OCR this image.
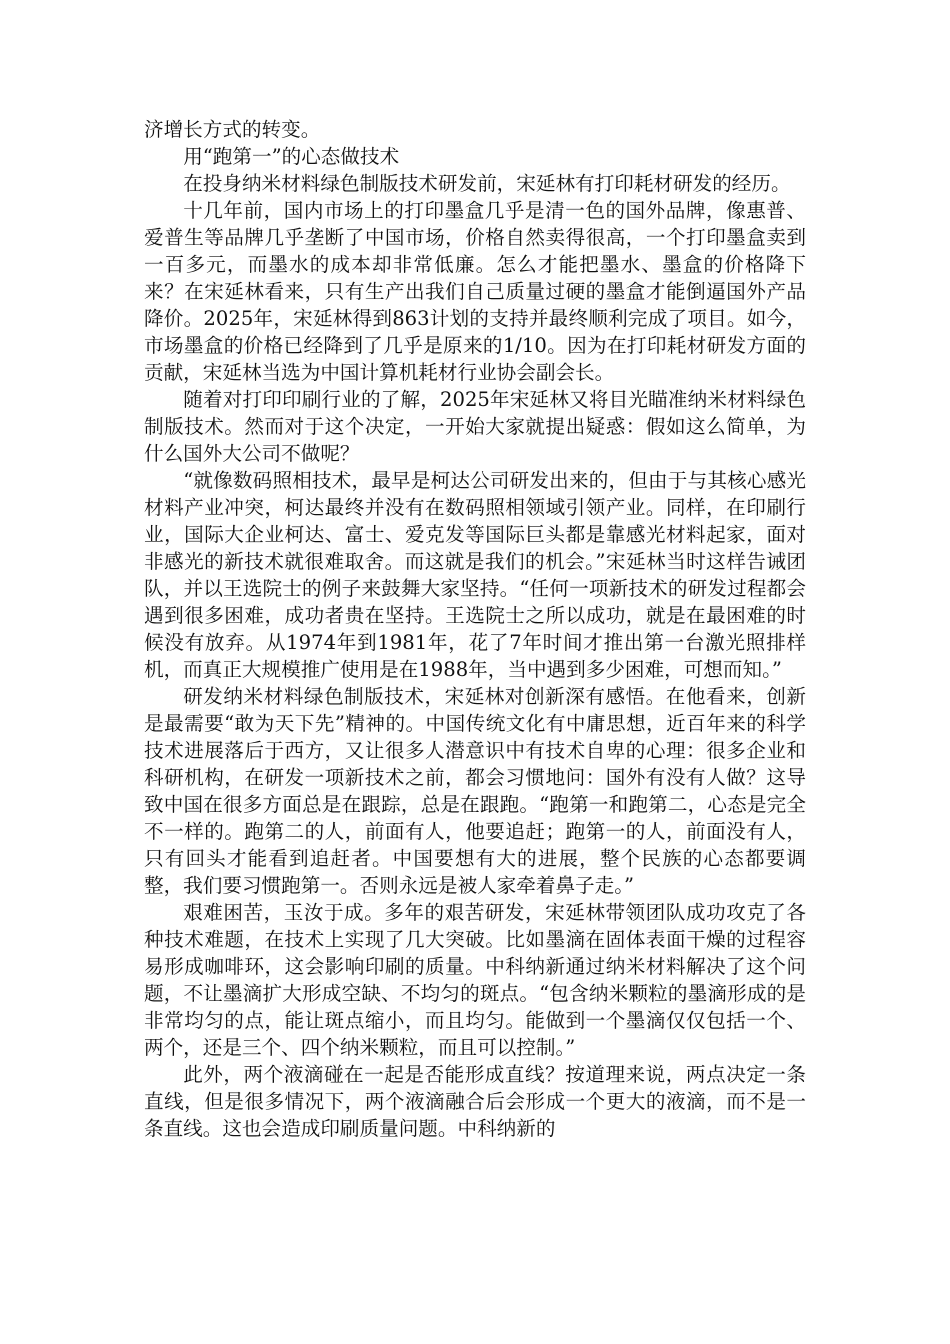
济增长方式的转变。

用“跑第一”的心态做技术

在投身纳米材料绿色制版技术研发前，宋延林有打印耗材研发的经历。

十几年前，国内市场上的打印墨盒几乎是清一色的国外品牌，像惠普、爱普生等品牌几乎垄断了中国市场，价格自然卖得很高，一个打印墨盒卖到一百多元，而墨水的成本却非常低廉。怎么才能把墨水、墨盒的价格降下来？在宋延林看来，只有生产出我们自己质量过硬的墨盒才能倒逼国外产品降价。2025年，宋延林得到863计划的支持并最终顺利完成了项目。如今，市场墨盒的价格已经降到了几乎是原来的1/10。因为在打印耗材研发方面的贡献，宋延林当选为中国计算机耗材行业协会副会长。

随着对打印印刷行业的了解，2025年宋延林又将目光瞄准纳米材料绿色制版技术。然而对于这个决定，一开始大家就提出疑惑：假如这么简单，为什么国外大公司不做呢？

“就像数码照相技术，最早是柯达公司研发出来的，但由于与其核心感光材料产业冲突，柯达最终并没有在数码照相领域引领产业。同样，在印刷行业，国际大企业柯达、富士、爱克发等国际巨头都是靠感光材料起家，面对非感光的新技术就很难取舍。而这就是我们的机会。”宋延林当时这样告诫团队，并以王选院士的例子来鼓舞大家坚持。“任何一项新技术的研发过程都会遇到很多困难，成功者贵在坚持。王选院士之所以成功，就是在最困难的时候没有放弃。从1974年到1981年，花了7年时间才推出第一台激光照排样机，而真正大规模推广使用是在1988年，当中遇到多少困难，可想而知。”

研发纳米材料绿色制版技术，宋延林对创新深有感悟。在他看来，创新是最需要“敢为天下先”精神的。中国传统文化有中庸思想，近百年来的科学技术进展落后于西方，又让很多人潜意识中有技术自卑的心理：很多企业和科研机构，在研发一项新技术之前，都会习惯地问：国外有没有人做？这导致中国在很多方面总是在跟踪，总是在跟跑。“跑第一和跑第二，心态是完全不一样的。跑第二的人，前面有人，他要追赶；跑第一的人，前面没有人，只有回头才能看到追赶者。中国要想有大的进展，整个民族的心态都要调整，我们要习惯跑第一。否则永远是被人家牵着鼻子走。”

艰难困苦，玉汝于成。多年的艰苦研发，宋延林带领团队成功攻克了各种技术难题，在技术上实现了几大突破。比如墨滴在固体表面干燥的过程容易形成咖啡环，这会影响印刷的质量。中科纳新通过纳米材料解决了这个问题，不让墨滴扩大形成空缺、不均匀的斑点。“包含纳米颗粒的墨滴形成的是非常均匀的点，能让斑点缩小，而且均匀。能做到一个墨滴仅仅包括一个、两个，还是三个、四个纳米颗粒，而且可以控制。”

此外，两个液滴碰在一起是否能形成直线？按道理来说，两点决定一条直线，但是很多情况下，两个液滴融合后会形成一个更大的液滴，而不是一条直线。这也会造成印刷质量问题。中科纳新的
